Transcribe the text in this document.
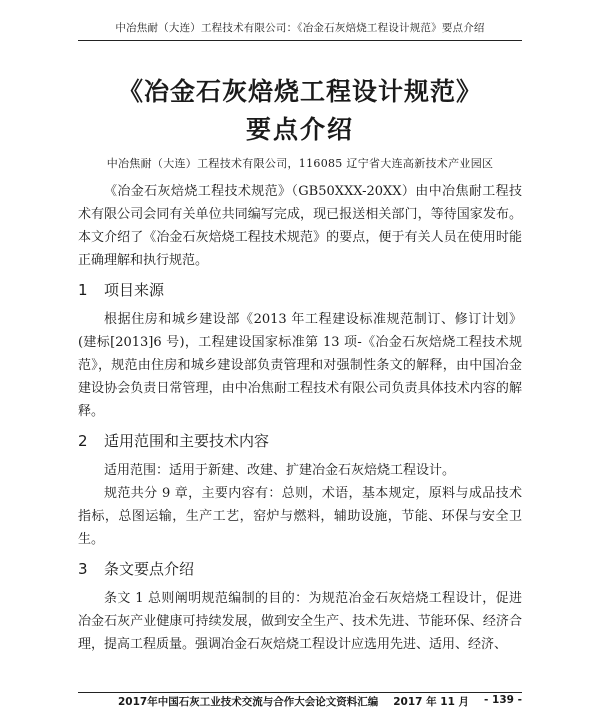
中冶焦耐（大连）工程技术有限公司：《冶金石灰焙烧工程设计规范》要点介绍
《冶金石灰焙烧工程设计规范》
要点介绍
中冶焦耐（大连）工程技术有限公司，116085 辽宁省大连高新技术产业园区

《冶金石灰焙烧工程技术规范》（GB50XXX-20XX）由中冶焦耐工程技术有限公司会同有关单位共同编写完成，现已报送相关部门，等待国家发布。本文介绍了《冶金石灰焙烧工程技术规范》的要点，便于有关人员在使用时能正确理解和执行规范。

1 项目来源

根据住房和城乡建设部《2013 年工程建设标准规范制订、修订计划》(建标[2013]6 号)，工程建设国家标准第 13 项-《冶金石灰焙烧工程技术规范》，规范由住房和城乡建设部负责管理和对强制性条文的解释，由中国冶金建设协会负责日常管理，由中冶焦耐工程技术有限公司负责具体技术内容的解释。

2 适用范围和主要技术内容

适用范围：适用于新建、改建、扩建冶金石灰焙烧工程设计。

规范共分 9 章，主要内容有：总则，术语，基本规定，原料与成品技术指标，总图运输，生产工艺，窑炉与燃料，辅助设施，节能、环保与安全卫生。

3 条文要点介绍

条文 1 总则阐明规范编制的目的：为规范冶金石灰焙烧工程设计，促进冶金石灰产业健康可持续发展，做到安全生产、技术先进、节能环保、经济合理，提高工程质量。强调冶金石灰焙烧工程设计应选用先进、适用、经济、

2017年中国石灰工业技术交流与合作大会论文资料汇编 2017 年 11 月 - 139 -
